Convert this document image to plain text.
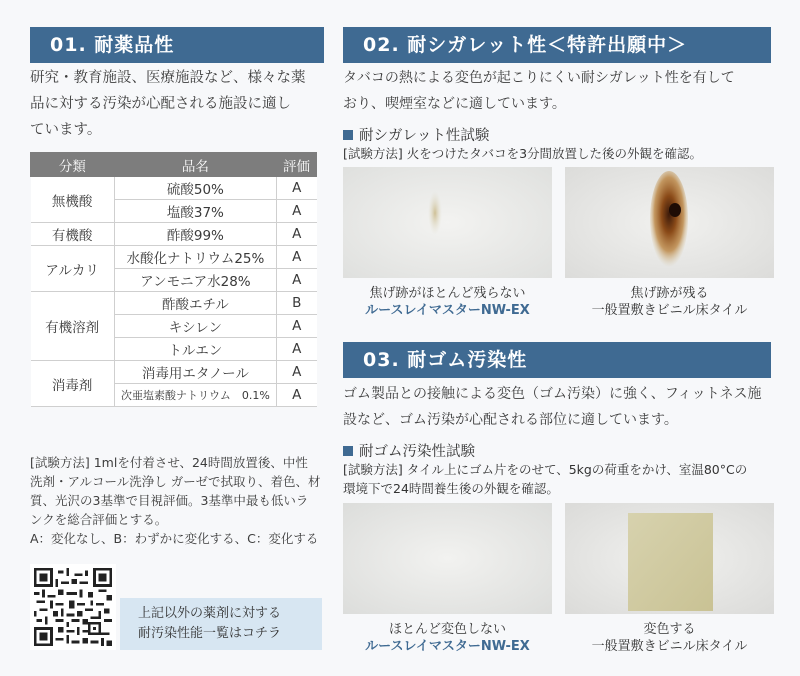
01. 耐薬品性
研究・教育施設、医療施設など、様々な薬
品に対する汚染が心配される施設に適し
ています。
分類	品名	評価
無機酸	硫酸50%	A
	塩酸37%	A
有機酸	酢酸99%	A
アルカリ	水酸化ナトリウム25%	A
	アンモニア水28%	A
有機溶剤	酢酸エチル	B
	キシレン	A
	トルエン	A
消毒剤	消毒用エタノール	A
	次亜塩素酸ナトリウム　0.1%	A
[試験方法] 1mlを付着させ、24時間放置後、中性
洗剤・アルコール洗浄し ガーゼで拭取り、着色、材
質、光沢の3基準で目視評価。3基準中最も低いラ
ンクを総合評価とする。
A：変化なし、B：わずかに変化する、C：変化する
上記以外の薬剤に対する
耐汚染性能一覧はコチラ
02. 耐シガレット性＜特許出願中＞
タバコの熱による変色が起こりにくい耐シガレット性を有して
おり、喫煙室などに適しています。
耐シガレット性試験
[試験方法] 火をつけたタバコを3分間放置した後の外観を確認。
焦げ跡がほとんど残らない
ルースレイマスターNW-EX
焦げ跡が残る
一般置敷きビニル床タイル
03. 耐ゴム汚染性
ゴム製品との接触による変色（ゴム汚染）に強く、フィットネス施
設など、ゴム汚染が心配される部位に適しています。
耐ゴム汚染性試験
[試験方法] タイル上にゴム片をのせて、5kgの荷重をかけ、室温80°Cの
環境下で24時間養生後の外観を確認。
ほとんど変色しない
ルースレイマスターNW-EX
変色する
一般置敷きビニル床タイル
